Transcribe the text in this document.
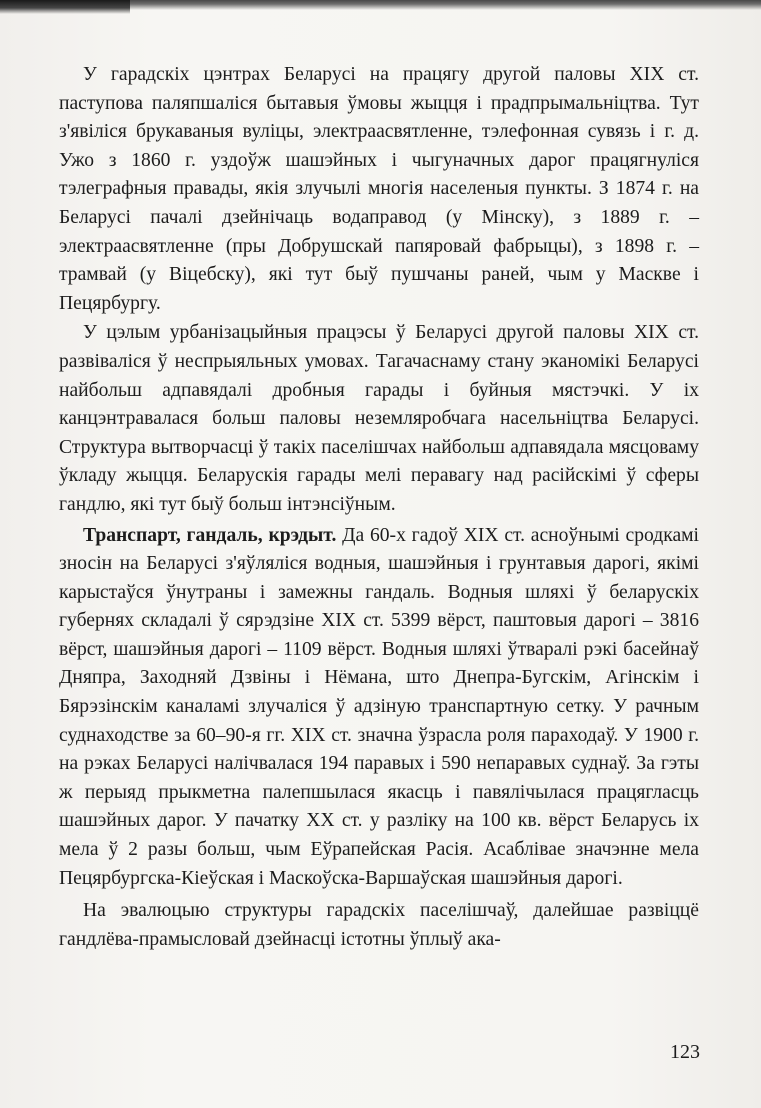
У гарадскіх цэнтрах Беларусі на працягу другой паловы XIX ст. паступова паляпшаліся бытавыя ўмовы жыцця і прадпрымальніцтва. Тут з'явіліся брукаваныя вуліцы, электраасвятленне, тэлефонная сувязь і г. д. Ужо з 1860 г. уздоўж шашэйных і чыгуначных дарог працягнуліся тэлеграфныя правады, якія злучылі многія населеныя пункты. З 1874 г. на Беларусі пачалі дзейнічаць водаправод (у Мінску), з 1889 г. – электраасвятленне (пры Добрушскай папяровай фабрыцы), з 1898 г. – трамвай (у Віцебску), які тут быў пушчаны раней, чым у Маскве і Пецярбургу.

У цэлым урбанізацыйныя працэсы ў Беларусі другой паловы XIX ст. развіваліся ў неспрыяльных умовах. Тагачаснаму стану эканомікі Беларусі найбольш адпавядалі дробныя гарады і буйныя мястэчкі. У іх канцэнтравалася больш паловы неземляробчага насельніцтва Беларусі. Структура вытворчасці ў такіх паселішчах найбольш адпавядала мясцоваму ўкладу жыцця. Беларускія гарады мелі перавагу над расійскімі ў сферы гандлю, які тут быў больш інтэнсіўным.

Транспарт, гандаль, крэдыт. Да 60-х гадоў XIX ст. асноўнымі сродкамі зносін на Беларусі з'яўляліся водныя, шашэйныя і грунтавыя дарогі, якімі карыстаўся ўнутраны і замежны гандаль. Водныя шляхі ў беларускіх губернях складалі ў сярэдзіне XIX ст. 5399 вёрст, паштовыя дарогі – 3816 вёрст, шашэйныя дарогі – 1109 вёрст. Водныя шляхі ўтваралі рэкі басейнаў Дняпра, Заходняй Дзвіны і Нёмана, што Днепра-Бугскім, Агінскім і Бярэзінскім каналамі злучаліся ў адзіную транспартную сетку. У рачным суднаходстве за 60–90-я гг. XIX ст. значна ўзрасла роля параходаў. У 1900 г. на рэках Беларусі налічвалася 194 паравых і 590 непаравых суднаў. За гэты ж перыяд прыкметна палепшылася якасць і павялічылася працягласць шашэйных дарог. У пачатку XX ст. у разліку на 100 кв. вёрст Беларусь іх мела ў 2 разы больш, чым Еўрапейская Расія. Асаблівае значэнне мела Пецярбургска-Кіеўская і Маскоўска-Варшаўская шашэйныя дарогі.

На эвалюцыю структуры гарадскіх паселішчаў, далейшае развіццё гандлёва-прамысловай дзейнасці істотны ўплыў ака-

123
